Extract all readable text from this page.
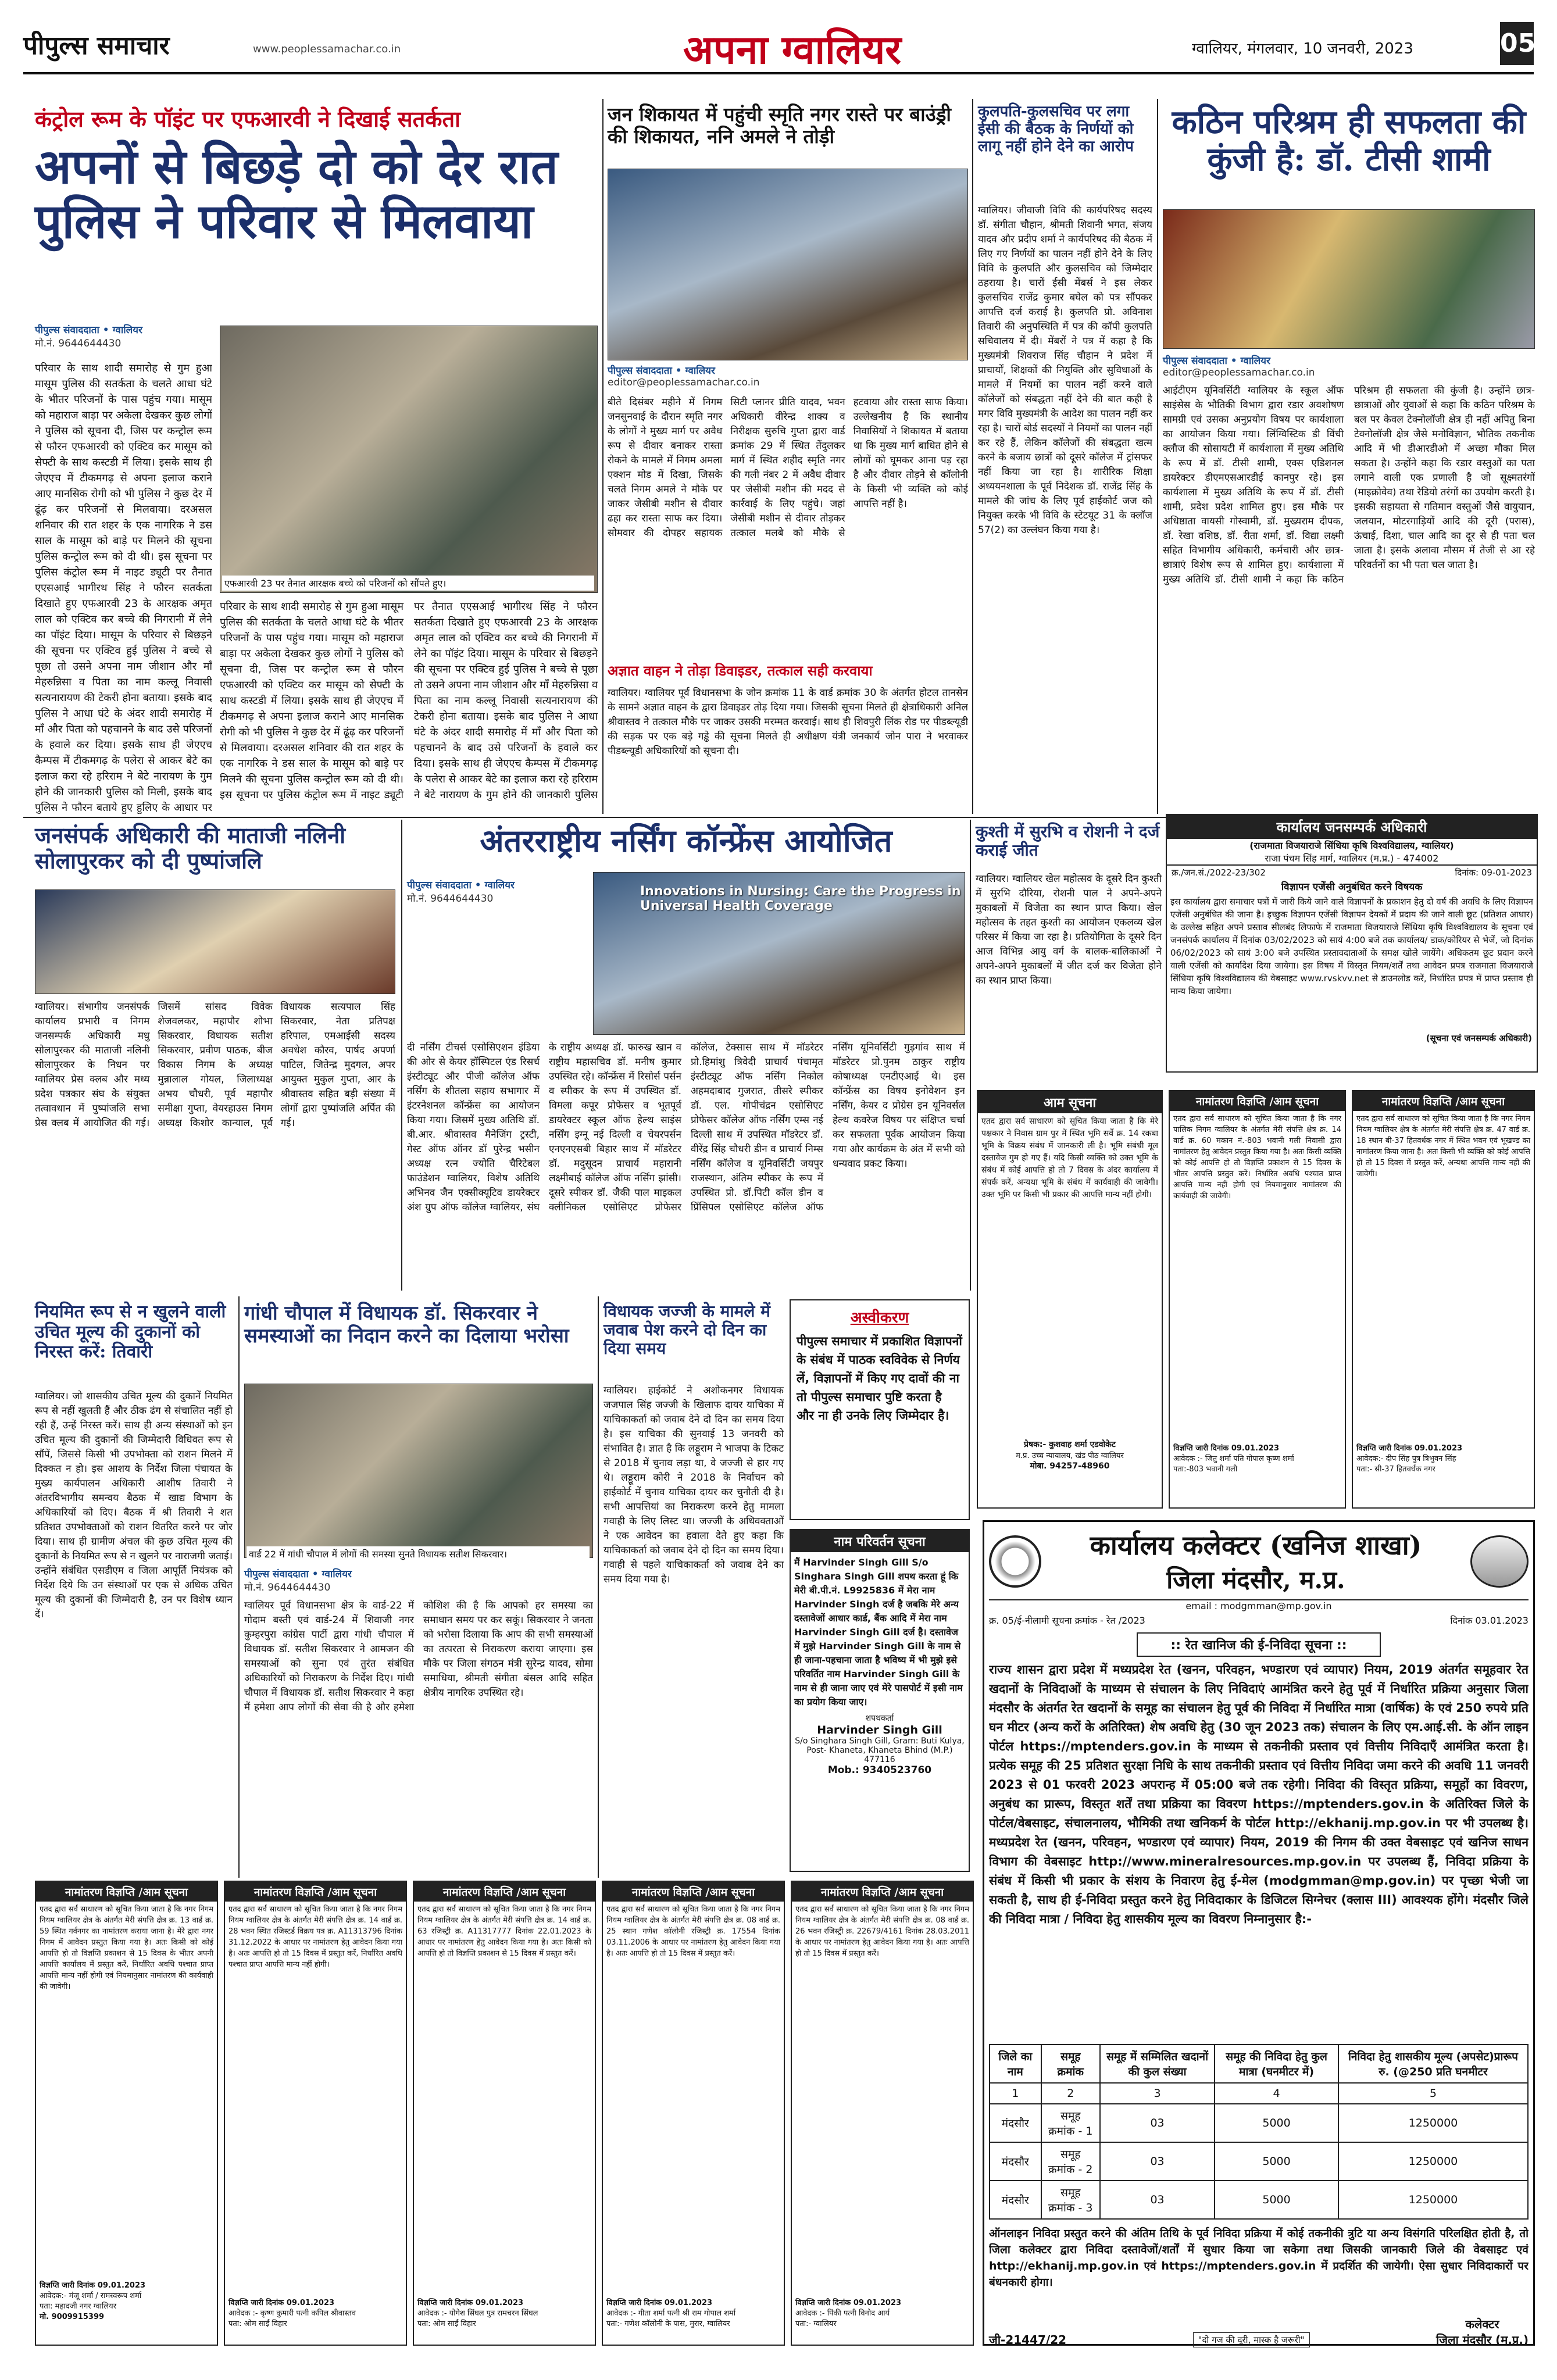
पीपुल्स समाचार	www.peoplessamachar.co.in	अपना ग्वालियर	ग्वालियर, मंगलवार, 10 जनवरी, 2023	05
कंट्रोल रूम के पॉइंट पर एफआरवी ने दिखाई सतर्कता
अपनों से बिछड़े दो को देर रात पुलिस ने परिवार से मिलवाया
पीपुल्स संवाददाता • ग्वालियर
मो.नं. 9644644430
एफआरवी 23 पर तैनात आरक्षक बच्चे को परिजनों को सौंपते हुए।
परिवार के साथ शादी समारोह से गुम हुआ मासूम पुलिस की सतर्कता के चलते आधा घंटे के भीतर परिजनों के पास पहुंच गया। मासूम को महाराज बाड़ा पर अकेला देखकर कुछ लोगों ने पुलिस को सूचना दी, जिस पर कन्ट्रोल रूम से फौरन एफआरवी को एक्टिव कर मासूम को सेफ्टी के साथ कस्टडी में लिया। इसके साथ ही जेएएच में टीकमगढ़ से अपना इलाज कराने आए मानसिक रोगी को भी पुलिस ने कुछ देर में ढूंढ़ कर परिजनों से मिलवाया। दरअसल शनिवार की रात शहर के एक नागरिक ने डस साल के मासूम को बाड़े पर मिलने की सूचना पुलिस कन्ट्रोल रूम को दी थी। इस सूचना पर पुलिस कंट्रोल रूम में नाइट ड्यूटी पर तैनात एएसआई भागीरथ सिंह ने फौरन सतर्कता दिखाते हुए एफआरवी 23 के आरक्षक अमृत लाल को एक्टिव कर बच्चे की निगरानी में लेने का पॉइंट दिया। मासूम के परिवार से बिछड़ने की सूचना पर एक्टिव हुई पुलिस ने बच्चे से पूछा तो उसने अपना नाम जीशान और माँ मेहरुन्निसा व पिता का नाम कल्लू निवासी सत्यनारायण की टेकरी होना बताया। इसके बाद पुलिस ने आधा घंटे के अंदर शादी समारोह में माँ और पिता को पहचानने के बाद उसे परिजनों के हवाले कर दिया। इसके साथ ही जेएएच कैम्पस में टीकमगढ़ के पलेरा से आकर बेटे का इलाज करा रहे हरिराम ने बेटे नारायण के गुम होने की जानकारी पुलिस को मिली, इसके बाद पुलिस ने फौरन बताये हुए हुलिए के आधार पर
परिवार के साथ शादी समारोह से गुम हुआ मासूम पुलिस की सतर्कता के चलते आधा घंटे के भीतर परिजनों के पास पहुंच गया। मासूम को महाराज बाड़ा पर अकेला देखकर कुछ लोगों ने पुलिस को सूचना दी, जिस पर कन्ट्रोल रूम से फौरन एफआरवी को एक्टिव कर मासूम को सेफ्टी के साथ कस्टडी में लिया। इसके साथ ही जेएएच में टीकमगढ़ से अपना इलाज कराने आए मानसिक रोगी को भी पुलिस ने कुछ देर में ढूंढ़ कर परिजनों से मिलवाया। दरअसल शनिवार की रात शहर के एक नागरिक ने डस साल के मासूम को बाड़े पर मिलने की सूचना पुलिस कन्ट्रोल रूम को दी थी। इस सूचना पर पुलिस कंट्रोल रूम में नाइट ड्यूटी पर तैनात एएसआई भागीरथ सिंह ने फौरन सतर्कता दिखाते हुए एफआरवी 23 के आरक्षक अमृत लाल को एक्टिव कर बच्चे की निगरानी में लेने का पॉइंट दिया। मासूम के परिवार से बिछड़ने की सूचना पर एक्टिव हुई पुलिस ने बच्चे से पूछा तो उसने अपना नाम जीशान और माँ मेहरुन्निसा व पिता का नाम कल्लू निवासी सत्यनारायण की टेकरी होना बताया। इसके बाद पुलिस ने आधा घंटे के अंदर शादी समारोह में माँ और पिता को पहचानने के बाद उसे परिजनों के हवाले कर दिया। इसके साथ ही जेएएच कैम्पस में टीकमगढ़ के पलेरा से आकर बेटे का इलाज करा रहे हरिराम ने बेटे नारायण के गुम होने की जानकारी पुलिस
जन शिकायत में पहुंची स्मृति नगर रास्ते पर बाउंड्री की शिकायत, ननि अमले ने तोड़ी
पीपुल्स संवाददाता • ग्वालियर
editor@peoplessamachar.co.in
बीते दिसंबर महीने में निगम जनसुनवाई के दौरान स्मृति नगर के लोगों ने मुख्य मार्ग पर अवैध रूप से दीवार बनाकर रास्ता रोकने के मामले में निगम अमला एक्शन मोड में दिखा, जिसके चलते निगम अमले ने मौके पर जाकर जेसीबी मशीन से दीवार ढहा कर रास्ता साफ कर दिया। सोमवार की दोपहर सहायक सिटी प्लानर प्रीति यादव, भवन अधिकारी वीरेन्द्र शाक्य व निरीक्षक सुरुचि गुप्ता द्वारा वार्ड क्रमांक 29 में स्थित तेंदुलकर मार्ग में स्थित शहीद स्मृति नगर की गली नंबर 2 में अवैध दीवार पर जेसीबी मशीन की मदद से कार्रवाई के लिए पहुंचे। जहां जेसीबी मशीन से दीवार तोड़कर तत्काल मलबे को मौके से हटवाया और रास्ता साफ किया। उल्लेखनीय है कि स्थानीय निवासियों ने शिकायत में बताया था कि मुख्य मार्ग बाधित होने से लोगों को घूमकर आना पड़ रहा है और दीवार तोड़ने से कॉलोनी के किसी भी व्यक्ति को कोई आपत्ति नहीं है।
अज्ञात वाहन ने तोड़ा डिवाइडर, तत्काल सही करवाया
ग्वालियर। ग्वालियर पूर्व विधानसभा के जोन क्रमांक 11 के वार्ड क्रमांक 30 के अंतर्गत होटल तानसेन के सामने अज्ञात वाहन के द्वारा डिवाइडर तोड़ दिया गया। जिसकी सूचना मिलते ही क्षेत्राधिकारी अनिल श्रीवास्तव ने तत्काल मौके पर जाकर उसकी मरम्मत करवाई। साथ ही शिवपुरी लिंक रोड पर पीडब्ल्यूडी की सड़क पर एक बड़े गड्ढे की सूचना मिलते ही अधीक्षण यंत्री जनकार्य जोन पारा ने भरवाकर पीडब्ल्यूडी अधिकारियों को सूचना दी।
कुलपति-कुलसचिव पर लगा ईसी की बैठक के निर्णयों को लागू नहीं होने देने का आरोप
ग्वालियर। जीवाजी विवि की कार्यपरिषद सदस्य डॉ. संगीता चौहान, श्रीमती शिवानी भगत, संजय यादव और प्रदीप शर्मा ने कार्यपरिषद की बैठक में लिए गए निर्णयों का पालन नहीं होने देने के लिए विवि के कुलपति और कुलसचिव को जिम्मेदार ठहराया है। चारों ईसी मेंबर्स ने इस लेकर कुलसचिव राजेंद्र कुमार बघेल को पत्र सौंपकर आपत्ति दर्ज कराई है। कुलपति प्रो. अविनाश तिवारी की अनुपस्थिति में पत्र की कॉपी कुलपति सचिवालय में दी। मेंबरों ने पत्र में कहा है कि मुख्यमंत्री शिवराज सिंह चौहान ने प्रदेश में प्राचार्यों, शिक्षकों की नियुक्ति और सुविधाओं के मामले में नियमों का पालन नहीं करने वाले कॉलेजों को संबद्धता नहीं देने की बात कही है मगर विवि मुख्यमंत्री के आदेश का पालन नहीं कर रहा है। चारों बोर्ड सदस्यों ने नियमों का पालन नहीं कर रहे हैं, लेकिन कॉलेजों की संबद्धता खत्म करने के बजाय छात्रों को दूसरे कॉलेज में ट्रांसफर नहीं किया जा रहा है। शारीरिक शिक्षा अध्ययनशाला के पूर्व निदेशक डॉ. राजेंद्र सिंह के मामले की जांच के लिए पूर्व हाईकोर्ट जज को नियुक्त करके भी विवि के स्टेटयूट 31 के क्लॉज 57(2) का उल्लंघन किया गया है।
कठिन परिश्रम ही सफलता की कुंजी है: डॉ. टीसी शामी
पीपुल्स संवाददाता • ग्वालियर
editor@peoplessamachar.co.in
आईटीएम यूनिवर्सिटी ग्वालियर के स्कूल ऑफ साइंसेस के भौतिकी विभाग द्वारा रडार अवशोषण सामग्री एवं उसका अनुप्रयोग विषय पर कार्यशाला का आयोजन किया गया। लिंग्विस्टिक डी विंची क्लौज की सोसायटी में कार्यशाला में मुख्य अतिथि के रूप में डॉ. टीसी शामी, एक्स एडिशनल डायरेक्टर डीएमएसआरडीई कानपुर रहे। इस कार्यशाला में मुख्य अतिथि के रूप में डॉ. टीसी शामी, प्रदेश प्रदेश शामिल हुए। इस मौके पर अधिष्ठाता वायसी गोस्वामी, डॉ. मुख्यराम दीपक, डॉ. रेखा वशिष्ठ, डॉ. रीता शर्मा, डॉ. विद्या लक्ष्मी सहित विभागीय अधिकारी, कर्मचारी और छात्र-छात्राएं विशेष रूप से शामिल हुए। कार्यशाला में मुख्य अतिथि डॉ. टीसी शामी ने कहा कि कठिन परिश्रम ही सफलता की कुंजी है। उन्होंने छात्र-छात्राओं और युवाओं से कहा कि कठिन परिश्रम के बल पर केवल टेक्नोलॉजी क्षेत्र ही नहीं अपितु बिना टेक्नोलॉजी क्षेत्र जैसे मनोविज्ञान, भौतिक तकनीक आदि में भी डीआरडीओ में अच्छा मौका मिल सकता है। उन्होंने कहा कि रडार वस्तुओं का पता लगाने वाली एक प्रणाली है जो सूक्ष्मतरंगों (माइक्रोवेव) तथा रेडियो तरंगों का उपयोग करती है। इसकी सहायता से गतिमान वस्तुओं जैसे वायुयान, जलयान, मोटरगाड़ियों आदि की दूरी (परास), ऊंचाई, दिशा, चाल आदि का दूर से ही पता चल जाता है। इसके अलावा मौसम में तेजी से आ रहे परिवर्तनों का भी पता चल जाता है।
जनसंपर्क अधिकारी की माताजी नलिनी सोलापुरकर को दी पुष्पांजलि
ग्वालियर। संभागीय जनसंपर्क कार्यालय प्रभारी व निगम जनसम्पर्क अधिकारी मधु सोलापुरकर की माताजी नलिनी सोलापुरकर के निधन पर ग्वालियर प्रेस क्लब और मध्य प्रदेश पत्रकार संघ के संयुक्त तत्वावधान में पुष्पांजलि सभा प्रेस क्लब में आयोजित की गई। जिसमें सांसद विवेक शेजवलकर, महापौर शोभा सिकरवार, विधायक सतीश सिकरवार, प्रवीण पाठक, बीज विकास निगम के अध्यक्ष मुन्नालाल गोयल, जिलाध्यक्ष अभय चौधरी, पूर्व महापौर समीक्षा गुप्ता, वेयरहाउस निगम अध्यक्ष किशोर कान्याल, पूर्व विधायक सत्यपाल सिंह सिकरवार, नेता प्रतिपक्ष हरिपाल, एमआईसी सदस्य अवधेश कौरव, पार्षद अपर्णा पाटिल, जितेन्द्र मुदगल, अपर आयुक्त मुकुल गुप्ता, आर के श्रीवास्तव सहित बड़ी संख्या में लोगों द्वारा पुष्पांजलि अर्पित की गई।
अंतरराष्ट्रीय नर्सिंग कॉन्फ्रेंस आयोजित
पीपुल्स संवाददाता • ग्वालियर
मो.नं. 9644644430	Innovations in Nursing: Care the Progress in Universal Health Coverage
दी नर्सिंग टीचर्स एसोसिएशन इंडिया की ओर से केयर हॉस्पिटल एंड रिसर्च इंस्टीट्यूट और पीजी कॉलेज ऑफ नर्सिंग के शीतला सहाय सभागार में इंटरनेशनल कॉन्फ्रेंस का आयोजन किया गया। जिसमें मुख्य अतिथि डॉ. बी.आर. श्रीवास्तव मैनेजिंग ट्रस्टी, गेस्ट ऑफ ऑनर डॉ पुरेन्द्र भसीन अध्यक्ष रत्न ज्योति चैरिटेबल फाउंडेशन ग्वालियर, विशेष अतिथि अभिनव जैन एक्सीक्यूटिव डायरेक्टर अंश ग्रुप ऑफ कॉलेज ग्वालियर, संघ के राष्ट्रीय अध्यक्ष डॉ. फारुख खान व राष्ट्रीय महासचिव डॉ. मनीष कुमार उपस्थित रहे। कॉन्फ्रेंस में रिसोर्स पर्सन व स्पीकर के रूप में उपस्थित डॉ. विमला कपूर प्रोफेसर व भूतपूर्व डायरेक्टर स्कूल ऑफ हेल्थ साइंस नर्सिंग इग्नू नई दिल्ली व चेयरपर्सन एनएनएसबी बिहार साथ में मॉडरेटर डॉ. मदुसूदन प्राचार्य महारानी लक्ष्मीबाई कॉलेज ऑफ नर्सिंग झांसी। दूसरे स्पीकर डॉ. जैकी पाल माइकल क्लीनिकल एसोसिएट प्रोफेसर कॉलेज, टेक्सास साथ में मॉडरेटर प्रो.हिमांशु त्रिवेदी प्राचार्य पंचामृत इंस्टीट्यूट ऑफ नर्सिंग निकोल अहमदाबाद गुजरात, तीसरे स्पीकर डॉ. एल. गोपीचंद्रन एसोसिएट प्रोफेसर कॉलेज ऑफ नर्सिंग एम्स नई दिल्ली साथ में उपस्थित मॉडरेटर डॉ. वीरेंद्र सिंह चौधरी डीन व प्राचार्य निम्स नर्सिंग कॉलेज व यूनिवर्सिटी जयपुर राजस्थान, अंतिम स्पीकर के रूप में उपस्थित प्रो. डॉ.पिटी कॉल डीन व प्रिंसिपल एसोसिएट कॉलेज ऑफ नर्सिंग यूनिवर्सिटी गुड़गांव साथ में मॉडरेटर प्रो.पुनम ठाकुर राष्ट्रीय कोषाध्यक्ष एनटीएआई थे। इस कॉन्फ्रेंस का विषय इनोवेशन इन नर्सिंग, केयर द प्रोग्रेस इन यूनिवर्सल हेल्थ कवरेज विषय पर संक्षिप्त चर्चा कर सफलता पूर्वक आयोजन किया गया और कार्यक्रम के अंत में सभी को धन्यवाद प्रकट किया।
कुश्ती में सुरभि व रोशनी ने दर्ज कराई जीत
ग्वालियर। ग्वालियर खेल महोत्सव के दूसरे दिन कुश्ती में सुरभि दौरिया, रोशनी पाल ने अपने-अपने मुकाबलों में विजेता का स्थान प्राप्त किया। खेल महोत्सव के तहत कुश्ती का आयोजन एकलव्य खेल परिसर में किया जा रहा है। प्रतियोगिता के दूसरे दिन आज विभिन्न आयु वर्ग के बालक-बालिकाओं ने अपने-अपने मुकाबलों में जीत दर्ज कर विजेता होने का स्थान प्राप्त किया।
कार्यालय जनसम्पर्क अधिकारी
(राजमाता विजयाराजे सिंधिया कृषि विश्वविद्यालय, ग्वालियर)
राजा पंचम सिंह मार्ग, ग्वालियर (म.प्र.) - 474002
क्र./जन.सं./2022-23/302	दिनांक: 09-01-2023
विज्ञापन एजेंसी अनुबंधित करने विषयक
इस कार्यालय द्वारा समाचार पत्रों में जारी किये जाने वाले विज्ञापनों के प्रकाशन हेतु दो वर्ष की अवधि के लिए विज्ञापन एजेंसी अनुबंधित की जाना है। इच्छुक विज्ञापन एजेंसी विज्ञापन देयकों में प्रदाय की जाने वाली छूट (प्रतिशत आधार) के उल्लेख सहित अपने प्रस्ताव सीलबंद लिफाफे में राजमाता विजयाराजे सिंधिया कृषि विश्वविद्यालय के सूचना एवं जनसंपर्क कार्यालय में दिनांक 03/02/2023 को सायं 4:00 बजे तक कार्यालय/ डाक/कोरियर से भेजें, जो दिनांक 06/02/2023 को सायं 3:00 बजे उपस्थित प्रस्तावदाताओं के समक्ष खोले जायेंगे। अधिकतम छूट प्रदान करने वाली एजेंसी को कार्यादेश दिया जायेगा। इस विषय में विस्तृत नियम/शर्तें तथा आवेदन प्रपत्र राजमाता विजयाराजे सिंधिया कृषि विश्वविद्यालय की वेबसाइट www.rvskvv.net से डाउनलोड करें, निर्धारित प्रपत्र में प्राप्त प्रस्ताव ही मान्य किया जायेगा।
(सूचना एवं जनसम्पर्क अधिकारी)
नियमित रूप से न खुलने वाली उचित मूल्य की दुकानों को निरस्त करें: तिवारी
ग्वालियर। जो शासकीय उचित मूल्य की दुकानें नियमित रूप से नहीं खुलती हैं और ठीक ढंग से संचालित नहीं हो रही हैं, उन्हें निरस्त करें। साथ ही अन्य संस्थाओं को इन उचित मूल्य की दुकानों की जिम्मेदारी विधिवत रूप से सौंपें, जिससे किसी भी उपभोक्ता को राशन मिलने में दिक्कत न हो। इस आशय के निर्देश जिला पंचायत के मुख्य कार्यपालन अधिकारी आशीष तिवारी ने अंतरविभागीय समन्वय बैठक में खाद्य विभाग के अधिकारियों को दिए। बैठक में श्री तिवारी ने शत प्रतिशत उपभोक्ताओं को राशन वितरित करने पर जोर दिया। साथ ही ग्रामीण अंचल की कुछ उचित मूल्य की दुकानों के नियमित रूप से न खुलने पर नाराजगी जताई। उन्होंने संबंधित एसडीएम व जिला आपूर्ति नियंत्रक को निर्देश दिये कि उन संस्थाओं पर एक से अधिक उचित मूल्य की दुकानों की जिम्मेदारी है, उन पर विशेष ध्यान दें।
गांधी चौपाल में विधायक डॉ. सिकरवार ने समस्याओं का निदान करने का दिलाया भरोसा
वार्ड 22 में गांधी चौपाल में लोगों की समस्या सुनते विधायक सतीश सिकरवार।
पीपुल्स संवाददाता • ग्वालियर
मो.नं. 9644644430
ग्वालियर पूर्व विधानसभा क्षेत्र के वार्ड-22 में गोदाम बस्ती एवं वार्ड-24 में शिवाजी नगर कुम्हरपुरा कांग्रेस पार्टी द्वारा गांधी चौपाल में विधायक डॉ. सतीश सिकरवार ने आमजन की समस्याओं को सुना एवं तुरंत संबंधित अधिकारियों को निराकरण के निर्देश दिए। गांधी चौपाल में विधायक डॉ. सतीश सिकरवार ने कहा मैं हमेशा आप लोगों की सेवा की है और हमेशा कोशिश की है कि आपको हर समस्या का समाधान समय पर कर सकूं। सिकरवार ने जनता को भरोसा दिलाया कि आप की सभी समस्याओं का तत्परता से निराकरण कराया जाएगा। इस मौके पर जिला संगठन मंत्री सुरेन्द्र यादव, सोमा समाधिया, श्रीमती संगीता बंसल आदि सहित क्षेत्रीय नागरिक उपस्थित रहे।
विधायक जज्जी के मामले में जवाब पेश करने दो दिन का दिया समय
ग्वालियर। हाईकोर्ट ने अशोकनगर विधायक जजपाल सिंह जज्जी के खिलाफ दायर याचिका में याचिकाकर्ता को जवाब देने दो दिन का समय दिया है। इस याचिका की सुनवाई 13 जनवरी को संभावित है। ज्ञात है कि लड्डूराम ने भाजपा के टिकट से 2018 में चुनाव लड़ा था, वे जज्जी से हार गए थे। लड्डूराम कोरी ने 2018 के निर्वाचन को हाईकोर्ट में चुनाव याचिका दायर कर चुनौती दी है। सभी आपत्तियां का निराकरण करने हेतु मामला गवाही के लिए लिस्ट था। जज्जी के अधिवक्ताओं ने एक आवेदन का हवाला देते हुए कहा कि याचिकाकर्ता को जवाब देने दो दिन का समय दिया। गवाही से पहले याचिकाकर्ता को जवाब देने का समय दिया गया है।
अस्वीकरण
पीपुल्स समाचार में प्रकाशित विज्ञापनों के संबंध में पाठक स्वविवेक से निर्णय लें, विज्ञापनों में किए गए दावों की ना तो पीपुल्स समाचार पुष्टि करता है और ना ही उनके लिए जिम्मेदार है।
नाम परिवर्तन सूचना
मैं Harvinder Singh Gill S/o Singhara Singh Gill शपथ करता हूं कि मेरी बी.पी.नं. L9925836 में मेरा नाम Harvinder Singh दर्ज है जबकि मेरे अन्य दस्तावेजों आधार कार्ड, बैंक आदि में मेरा नाम Harvinder Singh Gill दर्ज है। दस्तावेज में मुझे Harvinder Singh Gill के नाम से ही जाना-पहचाना जाता है भविष्य में भी मुझे इसे परिवर्तित नाम Harvinder Singh Gill के नाम से ही जाना जाए एवं मेरे पासपोर्ट में इसी नाम का प्रयोग किया जाए।
शपथकर्ता
Harvinder Singh Gill
S/o Singhara Singh Gill, Gram: Buti Kulya, Post- Khaneta, Khaneta Bhind (M.P.) 477116
Mob.: 9340523760
आम सूचना
एतद द्वारा सर्व साधारण को सूचित किया जाता है कि मेरे पक्षकार ने निवास ग्राम पुर में स्थित भूमि सर्वे क्र. 14 रकबा भूमि के विक्रय संबंध में जानकारी ली है। भूमि संबंधी मूल दस्तावेज गुम हो गए हैं। यदि किसी व्यक्ति को उक्त भूमि के संबंध में कोई आपत्ति हो तो 7 दिवस के अंदर कार्यालय में संपर्क करें, अन्यथा भूमि के संबंध में कार्यवाही की जावेगी। उक्त भूमि पर किसी भी प्रकार की आपत्ति मान्य नहीं होगी।
प्रेषक:- कुशवाह शर्मा एडवोकेट
म.प्र. उच्च न्यायालय, खंड पीठ ग्वालियर
मोबा. 94257-48960
नामांतरण विज्ञप्ति /आम सूचना
एतद द्वारा सर्व साधारण को सूचित किया जाता है कि नगर पालिक निगम ग्वालियर के अंतर्गत मेरी संपत्ति क्षेत्र क्र. 14 वार्ड क्र. 60 मकान नं.-803 भवानी गली निवासी द्वारा नामांतरण हेतु आवेदन प्रस्तुत किया गया है। अतः किसी व्यक्ति को कोई आपत्ति हो तो विज्ञप्ति प्रकाशन से 15 दिवस के भीतर आपत्ति प्रस्तुत करें। निर्धारित अवधि पश्चात प्राप्त आपत्ति मान्य नहीं होगी एवं नियमानुसार नामांतरण की कार्यवाही की जावेगी।
विज्ञप्ति जारी दिनांक 09.01.2023
आवेदक :- जितु शर्मा पति गोपाल कृष्ण शर्मा
पता:-803 भवानी गली
नामांतरण विज्ञप्ति /आम सूचना
एतद द्वारा सर्व साधारण को सूचित किया जाता है कि नगर निगम नियम ग्वालियर क्षेत्र के अंतर्गत मेरी संपत्ति क्षेत्र क्र. 47 वार्ड क्र. 18 स्थान बी-37 हितवर्धक नगर में स्थित भवन एवं भूखण्ड का नामांतरण किया जाना है। अतः किसी भी व्यक्ति को कोई आपत्ति हो तो 15 दिवस में प्रस्तुत करें, अन्यथा आपत्ति मान्य नहीं की जावेगी।
विज्ञप्ति जारी दिनांक 09.01.2023
आवेदक:- दीप सिंह पुत्र त्रिभुवन सिंह
पता:- सी-37 हितवर्धक नगर
कार्यालय कलेक्टर (खनिज शाखा)
जिला मंदसौर, म.प्र.
email : modgmman@mp.gov.in
क्र. 05/ई-नीलामी सूचना क्रमांक - रेत /2023	दिनांक 03.01.2023
:: रेत खानिज की ई-निविदा सूचना ::
राज्य शासन द्वारा प्रदेश में मध्यप्रदेश रेत (खनन, परिवहन, भण्डारण एवं व्यापार) नियम, 2019 अंतर्गत समूहवार रेत खदानों के निविदाओं के माध्यम से संचालन के लिए निविदाएं आमंत्रित करने हेतु पूर्व में निर्धारित प्रक्रिया अनुसार जिला मंदसौर के अंतर्गत रेत खदानों के समूह का संचालन हेतु पूर्व की निविदा में निर्धारित मात्रा (वार्षिक) के एवं 250 रुपये प्रति घन मीटर (अन्य करों के अतिरिक्त) शेष अवधि हेतु (30 जून 2023 तक) संचालन के लिए एम.आई.सी. के ऑन लाइन पोर्टल https://mptenders.gov.in के माध्यम से तकनीकी प्रस्ताव एवं वित्तीय निविदाएँ आमंत्रित करता है। प्रत्येक समूह की 25 प्रतिशत सुरक्षा निधि के साथ तकनीकी प्रस्ताव एवं वित्तीय निविदा जमा करने की अवधि 11 जनवरी 2023 से 01 फरवरी 2023 अपरान्ह में 05:00 बजे तक रहेगी। निविदा की विस्तृत प्रक्रिया, समूहों का विवरण, अनुबंध का प्रारूप, विस्तृत शर्तें तथा प्रक्रिया का विवरण https://mptenders.gov.in के अतिरिक्त जिले के पोर्टल/वेबसाइट, संचालनालय, भौमिकी तथा खनिकर्म के पोर्टल http://ekhanij.mp.gov.in पर भी उपलब्ध है। मध्यप्रदेश रेत (खनन, परिवहन, भण्डारण एवं व्यापार) नियम, 2019 की निगम की उक्त वेबसाइट एवं खनिज साधन विभाग की वेबसाइट http://www.mineralresources.mp.gov.in पर उपलब्ध हैं, निविदा प्रक्रिया के संबंध में किसी भी प्रकार के संशय के निवारण हेतु ई-मेल (modgmman@mp.gov.in) पर पृच्छा भेजी जा सकती है, साथ ही ई-निविदा प्रस्तुत करने हेतु निविदाकार के डिजिटल सिग्नेचर (क्लास III) आवश्यक होंगे। मंदसौर जिले की निविदा मात्रा / निविदा हेतु शासकीय मूल्य का विवरण निम्नानुसार है:-
जिले का नाम	समूह क्रमांक	समूह में सम्मिलित खदानों की कुल संख्या	समूह की निविदा हेतु कुल मात्रा (घनमीटर में)	निविदा हेतु शासकीय मूल्य (अपसेट)प्रारूप रु. (@250 प्रति घनमीटर
1	2	3	4	5
मंदसौर	समूह क्रमांक - 1	03	5000	1250000
मंदसौर	समूह क्रमांक - 2	03	5000	1250000
मंदसौर	समूह क्रमांक - 3	03	5000	1250000
ऑनलाइन निविदा प्रस्तुत करने की अंतिम तिथि के पूर्व निविदा प्रक्रिया में कोई तकनीकी त्रुटि या अन्य विसंगति परिलक्षित होती है, तो जिला कलेक्टर द्वारा निविदा दस्तावेजों/शर्तों में सुधार किया जा सकेगा तथा जिसकी जानकारी जिले की वेबसाइट एवं http://ekhanij.mp.gov.in एवं https://mptenders.gov.in में प्रदर्शित की जायेगी। ऐसा सुधार निविदाकारों पर बंधनकारी होगा।
जी-21447/22	"दो गज की दूरी, मास्क है जरूरी"
कलेक्टर
जिला मंदसौर (म.प्र.)
नामांतरण विज्ञप्ति /आम सूचना
एतद द्वारा सर्व साधारण को सूचित किया जाता है कि नगर निगम नियम ग्वालियर क्षेत्र के अंतर्गत मेरी संपत्ति क्षेत्र क्र. 13 वार्ड क्र. 59 स्थित गर्वनगर का नामांतरण कराया जाना है। मेरे द्वारा नगर निगम में आवेदन प्रस्तुत किया गया है। अतः किसी को कोई आपत्ति हो तो विज्ञप्ति प्रकाशन से 15 दिवस के भीतर अपनी आपत्ति कार्यालय में प्रस्तुत करें, निर्धारित अवधि पश्चात प्राप्त आपत्ति मान्य नहीं होगी एवं नियमानुसार नामांतरण की कार्यवाही की जावेगी।
विज्ञप्ति जारी दिनांक 09.01.2023
आवेदक:- मंजू शर्मा / रामस्वरूप शर्मा
पता: महादजी नगर ग्वालियर
मो. 9009915399
नामांतरण विज्ञप्ति /आम सूचना
एतद द्वारा सर्व साधारण को सूचित किया जाता है कि नगर निगम नियम ग्वालियर क्षेत्र के अंतर्गत मेरी संपत्ति क्षेत्र क्र. 14 वार्ड क्र. 28 भवन स्थित रजिस्टर्ड विक्रय पत्र क्र. A11313796 दिनांक 31.12.2022 के आधार पर नामांतरण हेतु आवेदन किया गया है। अतः आपत्ति हो तो 15 दिवस में प्रस्तुत करें, निर्धारित अवधि पश्चात प्राप्त आपत्ति मान्य नहीं होगी।
विज्ञप्ति जारी दिनांक 09.01.2023
आवेदक :- कृष्ण कुमारी पत्नी कपिल श्रीवास्तव
पता: ओम साईं विहार
नामांतरण विज्ञप्ति /आम सूचना
एतद द्वारा सर्व साधारण को सूचित किया जाता है कि नगर निगम नियम ग्वालियर क्षेत्र के अंतर्गत मेरी संपत्ति क्षेत्र क्र. 14 वार्ड क्र. 63 रजिस्ट्री क्र. A11317777 दिनांक 22.01.2023 के आधार पर नामांतरण हेतु आवेदन किया गया है। अतः किसी को आपत्ति हो तो विज्ञप्ति प्रकाशन से 15 दिवस में प्रस्तुत करें।
विज्ञप्ति जारी दिनांक 09.01.2023
आवेदक :- योगेश सिंघल पुत्र रामचरन सिंघल
पता: ओम साईं विहार
नामांतरण विज्ञप्ति /आम सूचना
एतद द्वारा सर्व साधारण को सूचित किया जाता है कि नगर निगम नियम ग्वालियर क्षेत्र के अंतर्गत मेरी संपत्ति क्षेत्र क्र. 08 वार्ड क्र. 25 स्थान गणेश कॉलोनी रजिस्ट्री क्र. 17554 दिनांक 03.11.2006 के आधार पर नामांतरण हेतु आवेदन किया गया है। अतः आपत्ति हो तो 15 दिवस में प्रस्तुत करें।
विज्ञप्ति जारी दिनांक 09.01.2023
आवेदक :- गीता शर्मा पत्नी श्री राम गोपाल शर्मा
पता:- गणेश कॉलोनी के पास, मुरार, ग्वालियर
नामांतरण विज्ञप्ति /आम सूचना
एतद द्वारा सर्व साधारण को सूचित किया जाता है कि नगर निगम नियम ग्वालियर क्षेत्र के अंतर्गत मेरी संपत्ति क्षेत्र क्र. 08 वार्ड क्र. 26 भवन रजिस्ट्री क्र. 22679/4161 दिनांक 28.03.2011 के आधार पर नामांतरण हेतु आवेदन किया गया है। अतः आपत्ति हो तो 15 दिवस में प्रस्तुत करें।
विज्ञप्ति जारी दिनांक 09.01.2023
आवेदक :- पिंकी पत्नी विनोद आर्य
पता:- ग्वालियर
